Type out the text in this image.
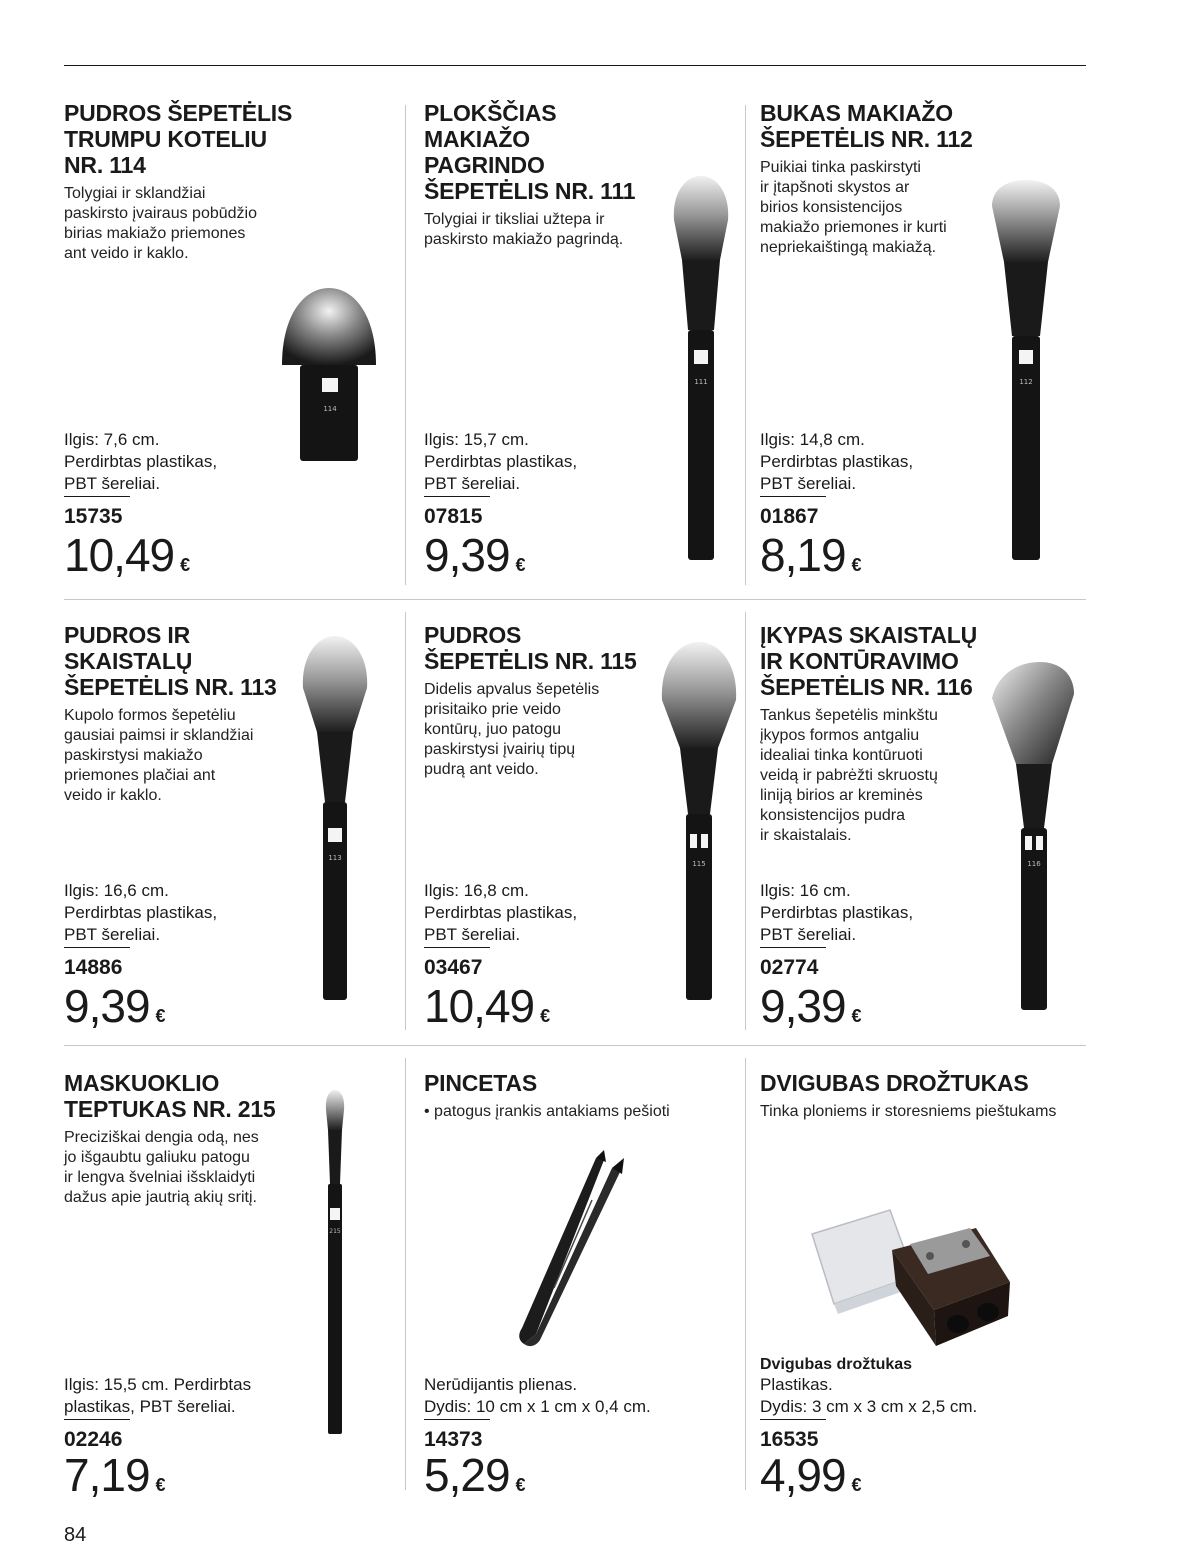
PUDROS ŠEPETĖLIS
TRUMPU KOTELIU
NR. 114

Tolygiai ir sklandžiai
paskirsto įvairaus pobūdžio
birias makiažo priemones
ant veido ir kaklo.

114
Ilgis: 7,6 cm.
Perdirbtas plastikas,
PBT šereliai.
15735
10,49 €
PLOKŠČIAS
MAKIAŽO
PAGRINDO
ŠEPETĖLIS NR. 111

Tolygiai ir tiksliai užtepa ir
paskirsto makiažo pagrindą.

111
Ilgis: 15,7 cm.
Perdirbtas plastikas,
PBT šereliai.
07815
9,39 €
BUKAS MAKIAŽO
ŠEPETĖLIS NR. 112

Puikiai tinka paskirstyti
ir įtapšnoti skystos ar
birios konsistencijos
makiažo priemones ir kurti
nepriekaištingą makiažą.

112
Ilgis: 14,8 cm.
Perdirbtas plastikas,
PBT šereliai.
01867
8,19 €
PUDROS IR
SKAISTALŲ
ŠEPETĖLIS NR. 113

Kupolo formos šepetėliu
gausiai paimsi ir sklandžiai
paskirstysi makiažo
priemones plačiai ant
veido ir kaklo.

113
Ilgis: 16,6 cm.
Perdirbtas plastikas,
PBT šereliai.
14886
9,39 €
PUDROS
ŠEPETĖLIS NR. 115

Didelis apvalus šepetėlis
prisitaiko prie veido
kontūrų, juo patogu
paskirstysi įvairių tipų
pudrą ant veido.

115
Ilgis: 16,8 cm.
Perdirbtas plastikas,
PBT šereliai.
03467
10,49 €
ĮKYPAS SKAISTALŲ
IR KONTŪRAVIMO
ŠEPETĖLIS NR. 116

Tankus šepetėlis minkštu
įkypos formos antgaliu
idealiai tinka kontūruoti
veidą ir pabrėžti skruostų
liniją birios ar kreminės
konsistencijos pudra
ir skaistalais.

116
Ilgis: 16 cm.
Perdirbtas plastikas,
PBT šereliai.
02774
9,39 €
MASKUOKLIO
TEPTUKAS NR. 215

Preciziškai dengia odą, nes
jo išgaubtu galiuku patogu
ir lengva švelniai išsklaidyti
dažus apie jautrią akių sritį.

215
Ilgis: 15,5 cm. Perdirbtas
plastikas, PBT šereliai.
02246
7,19 €
PINCETAS

• patogus įrankis antakiams pešioti

Nerūdijantis plienas.
Dydis: 10 cm x 1 cm x 0,4 cm.
14373
5,29 €
DVIGUBAS DROŽTUKAS

Tinka ploniems ir storesniems pieštukams

Dvigubas drožtukas
Plastikas.
Dydis: 3 cm x 3 cm x 2,5 cm.
16535
4,99 €
84
